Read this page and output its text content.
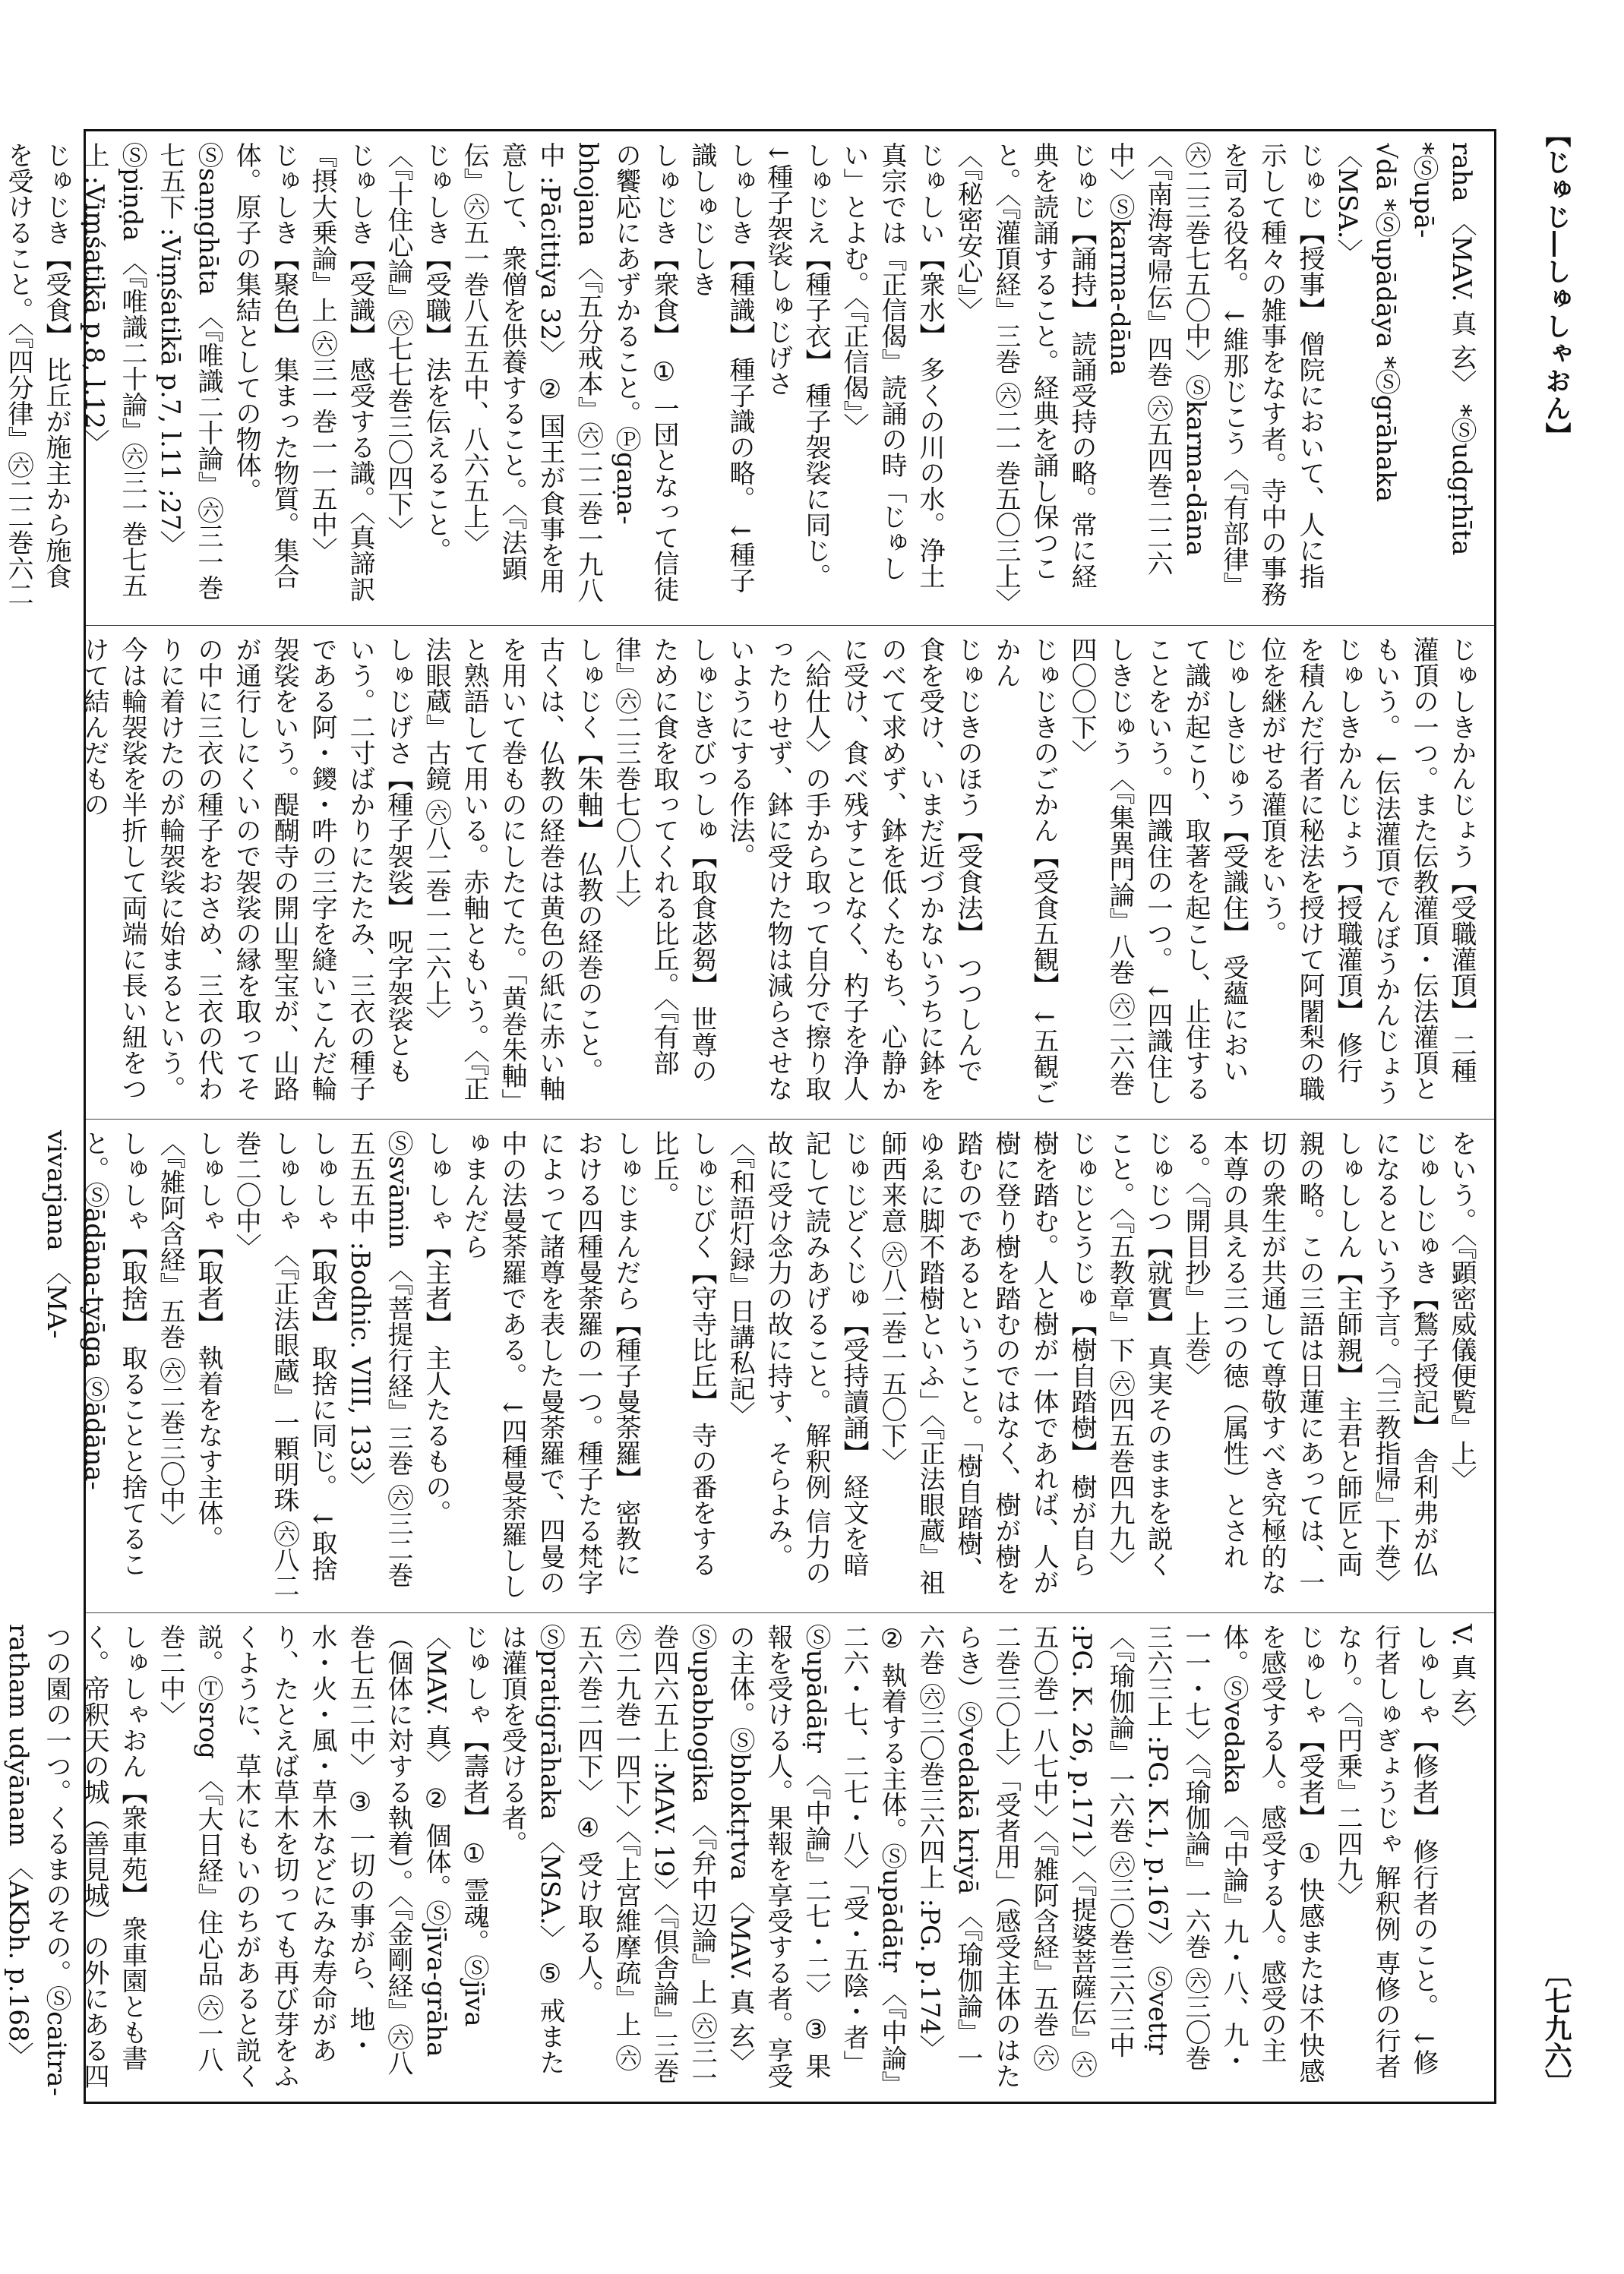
【じゅじ―しゅしゃおん】
〔七九六〕
raha 〈MAV. 真 玄〉 *Ⓢudgṛhīta *Ⓢupā-
√dā *Ⓢupādāya *Ⓢgrāhaka 〈MSA.〉
じゅじ【授事】 僧院において、人に指示して種々の雑事をなす者。寺中の事務を司る役名。 ↓維那じこう〈『有部律』㊅二三巻七五〇中〉Ⓢkarma-dāna
〈『南海寄帰伝』四巻 ㊅五四巻二二六中〉Ⓢkarma-dāna
じゅじ【誦持】 読誦受持の略。常に経典を読誦すること。経典を誦し保つこと。〈『灌頂経』三巻 ㊅二一巻五〇三上〉〈『秘密安心』〉
じゅしい【衆水】 多くの川の水。浄土真宗では『正信偈』読誦の時「じゅしい」とよむ。〈『正信偈』〉
しゅじえ【種子衣】 種子袈裟に同じ。 ↓種子袈裟しゅじげさ
しゅしき【種識】 種子識の略。 ↓種子識しゅじしき
しゅじき【衆食】 ① 一団となって信徒の饗応にあずかること。Ⓟgaṇa-bhojana 〈『五分戒本』㊅二二巻一九八中 :Pācittiya 32〉 ② 国王が食事を用意して、衆僧を供養すること。〈『法顕伝』㊅五一巻八五五中、八六五上〉
じゅしき【受職】 法を伝えること。〈『十住心論』㊅七七巻三〇四下〉
じゅしき【受識】 感受する識。〈真諦訳『摂大乗論』上 ㊅三一巻一一五中〉
じゅしき【聚色】 集まった物質。集合体。原子の集結としての物体。Ⓢsaṃghāta 〈『唯識二十論』㊅三一巻七五下 :Viṃśatikā p.7, l.11 ;27〉 Ⓢpiṇḍa 〈『唯識二十論』㊅三一巻七五上 :Viṃśatikā p.8, l.12〉
じゅじき【受食】 比丘が施主から施食を受けること。〈『四分律』㊅二二巻六二
じゅしきかんじょう【受職灌頂】 二種灌頂の一つ。また伝教灌頂・伝法灌頂ともいう。 ↓伝法灌頂でんぼうかんじょう
じゅしきかんじょう【授職灌頂】 修行を積んだ行者に秘法を授けて阿闍梨の職位を継がせる灌頂をいう。
じゅしきじゅう【受識住】 受蘊において識が起こり、取著を起こし、止住することをいう。四識住の一つ。 ↓四識住ししきじゅう〈『集異門論』八巻 ㊅二六巻四〇〇下〉
じゅじきのごかん【受食五観】 ↓五観ごかん
じゅじきのほう【受食法】 つつしんで食を受け、いまだ近づかないうちに鉢をのべて求めず、鉢を低くたもち、心静かに受け、食べ残すことなく、杓子を浄人〈給仕人〉の手から取って自分で擦り取ったりせず、鉢に受けた物は減らさせないようにする作法。
しゅじきびっしゅ【取食苾芻】 世尊のために食を取ってくれる比丘。〈『有部律』㊅二三巻七〇八上〉
しゅじく【朱軸】 仏教の経巻のこと。古くは、仏教の経巻は黄色の紙に赤い軸を用いて巻ものにしたてた。「黄巻朱軸」と熟語して用いる。赤軸ともいう。〈『正法眼蔵』古鏡 ㊅八二巻一二六上〉
しゅじげさ【種子袈裟】 呪字袈裟ともいう。二寸ばかりにたたみ、三衣の種子である阿・鑁・吽の三字を縫いこんだ輪袈裟をいう。醍醐寺の開山聖宝が、山路が通行しにくいので袈裟の縁を取ってその中に三衣の種子をおさめ、三衣の代わりに着けたのが輪袈裟に始まるという。今は輪袈裟を半折して両端に長い紐をつけて結んだもの
をいう。〈『顕密威儀便覧』上〉
じゅしじゅき【鶖子授記】 舎利弗が仏になるという予言。〈『三教指帰』下巻〉
しゅししん【主師親】 主君と師匠と両親の略。この三語は日蓮にあっては、一切の衆生が共通して尊敬すべき究極的な本尊の具える三つの徳（属性）とされる。〈『開目抄』上巻〉
じゅじつ【就實】 真実そのままを説くこと。〈『五教章』下 ㊅四五巻四九九〉
じゅじとうじゅ【樹自踏樹】 樹が自ら樹を踏む。人と樹が一体であれば、人が樹に登り樹を踏むのではなく、樹が樹を踏むのであるということ。「樹自踏樹、ゆゑに脚不踏樹といふ」〈『正法眼蔵』祖師西来意 ㊅八二巻一五〇下〉
じゅじどくじゅ【受持讀誦】 経文を暗記して読みあげること。 解釈例 信力の故に受け念力の故に持す、そらよみ。〈『和語灯録』日講私記〉
しゅじびく【守寺比丘】 寺の番をする比丘。
しゅじまんだら【種子曼荼羅】 密教における四種曼荼羅の一つ。種子たる梵字によって諸尊を表した曼荼羅で、四曼の中の法曼荼羅である。 ↓四種曼荼羅ししゅまんだら
しゅしゃ【主者】 主人たるもの。Ⓢsvāmin 〈『菩提行経』三巻 ㊅三二巻五五五中 :Bodhic. VIII, 133〉
しゅしゃ【取舍】 取捨に同じ。 ↓取捨しゅしゃ 〈『正法眼蔵』一顆明珠 ㊅八二巻二〇中〉
しゅしゃ【取者】 執着をなす主体。〈『雑阿含経』五巻 ㊅二巻三〇中〉
しゅしゃ【取捨】 取ることと捨てること。Ⓢādāna-tyāga Ⓢādāna-vivarjana 〈MA-
V. 真 玄〉
しゅしゃ【修者】 修行者のこと。 ↓修行者しゅぎょうじゃ 解釈例 専修の行者なり。〈『円乗』二四九〉
じゅしゃ【受者】 ① 快感または不快感を感受する人。感受する人。感受の主体。Ⓢvedaka 〈『中論』九・八、九・一一・七〉〈『瑜伽論』一六巻 ㊅三〇巻三六三上 :PG. K.1, p.167〉 Ⓢvettṛ 〈『瑜伽論』一六巻 ㊅三〇巻三六三中 :PG. K. 26, p.171〉〈『提婆菩薩伝』㊅五〇巻一八七中〉〈『雑阿含経』五巻 ㊅二巻三〇上〉「受者用」（感受主体のはたらき）Ⓢvedakā kriyā 〈『瑜伽論』一六巻 ㊅三〇巻三六四上 :PG. p.174〉 ② 執着する主体。Ⓢupādātṛ 〈『中論』二六・七、二七・八〉「受・五陰・者」Ⓢupādātṛ 〈『中論』二七・二〉 ③ 果報を受ける人。果報を享受する者。享受の主体。Ⓢbhoktṛtva 〈MAV. 真 玄〉 Ⓢupabhogika 〈『弁中辺論』上 ㊅三一巻四六五上 :MAV. 19〉〈『倶舎論』三巻 ㊅二九巻一四下〉〈『上宮維摩疏』上 ㊅五六巻二四下〉 ④ 受け取る人。Ⓢpratigrāhaka 〈MSA.〉 ⑤ 戒または灌頂を受ける者。
じゅしゃ【壽者】 ① 霊魂。Ⓢjīva 〈MAV. 真〉 ② 個体。Ⓢjīva-grāha（個体に対する執着）。〈『金剛経』㊅八巻七五二中〉 ③ 一切の事がら、地・水・火・風・草木などにみな寿命があり、たとえば草木を切っても再び芽をふくように、草木にもいのちがあると説く説。Ⓣsrog 〈『大日経』住心品 ㊅一八巻二中〉
しゅしゃおん【衆車苑】 衆車園とも書く。帝釈天の城（善見城）の外にある四つの園の一つ。くるまのその。Ⓢcaitra-ratham udyānam 〈AKbh. p.168〉
